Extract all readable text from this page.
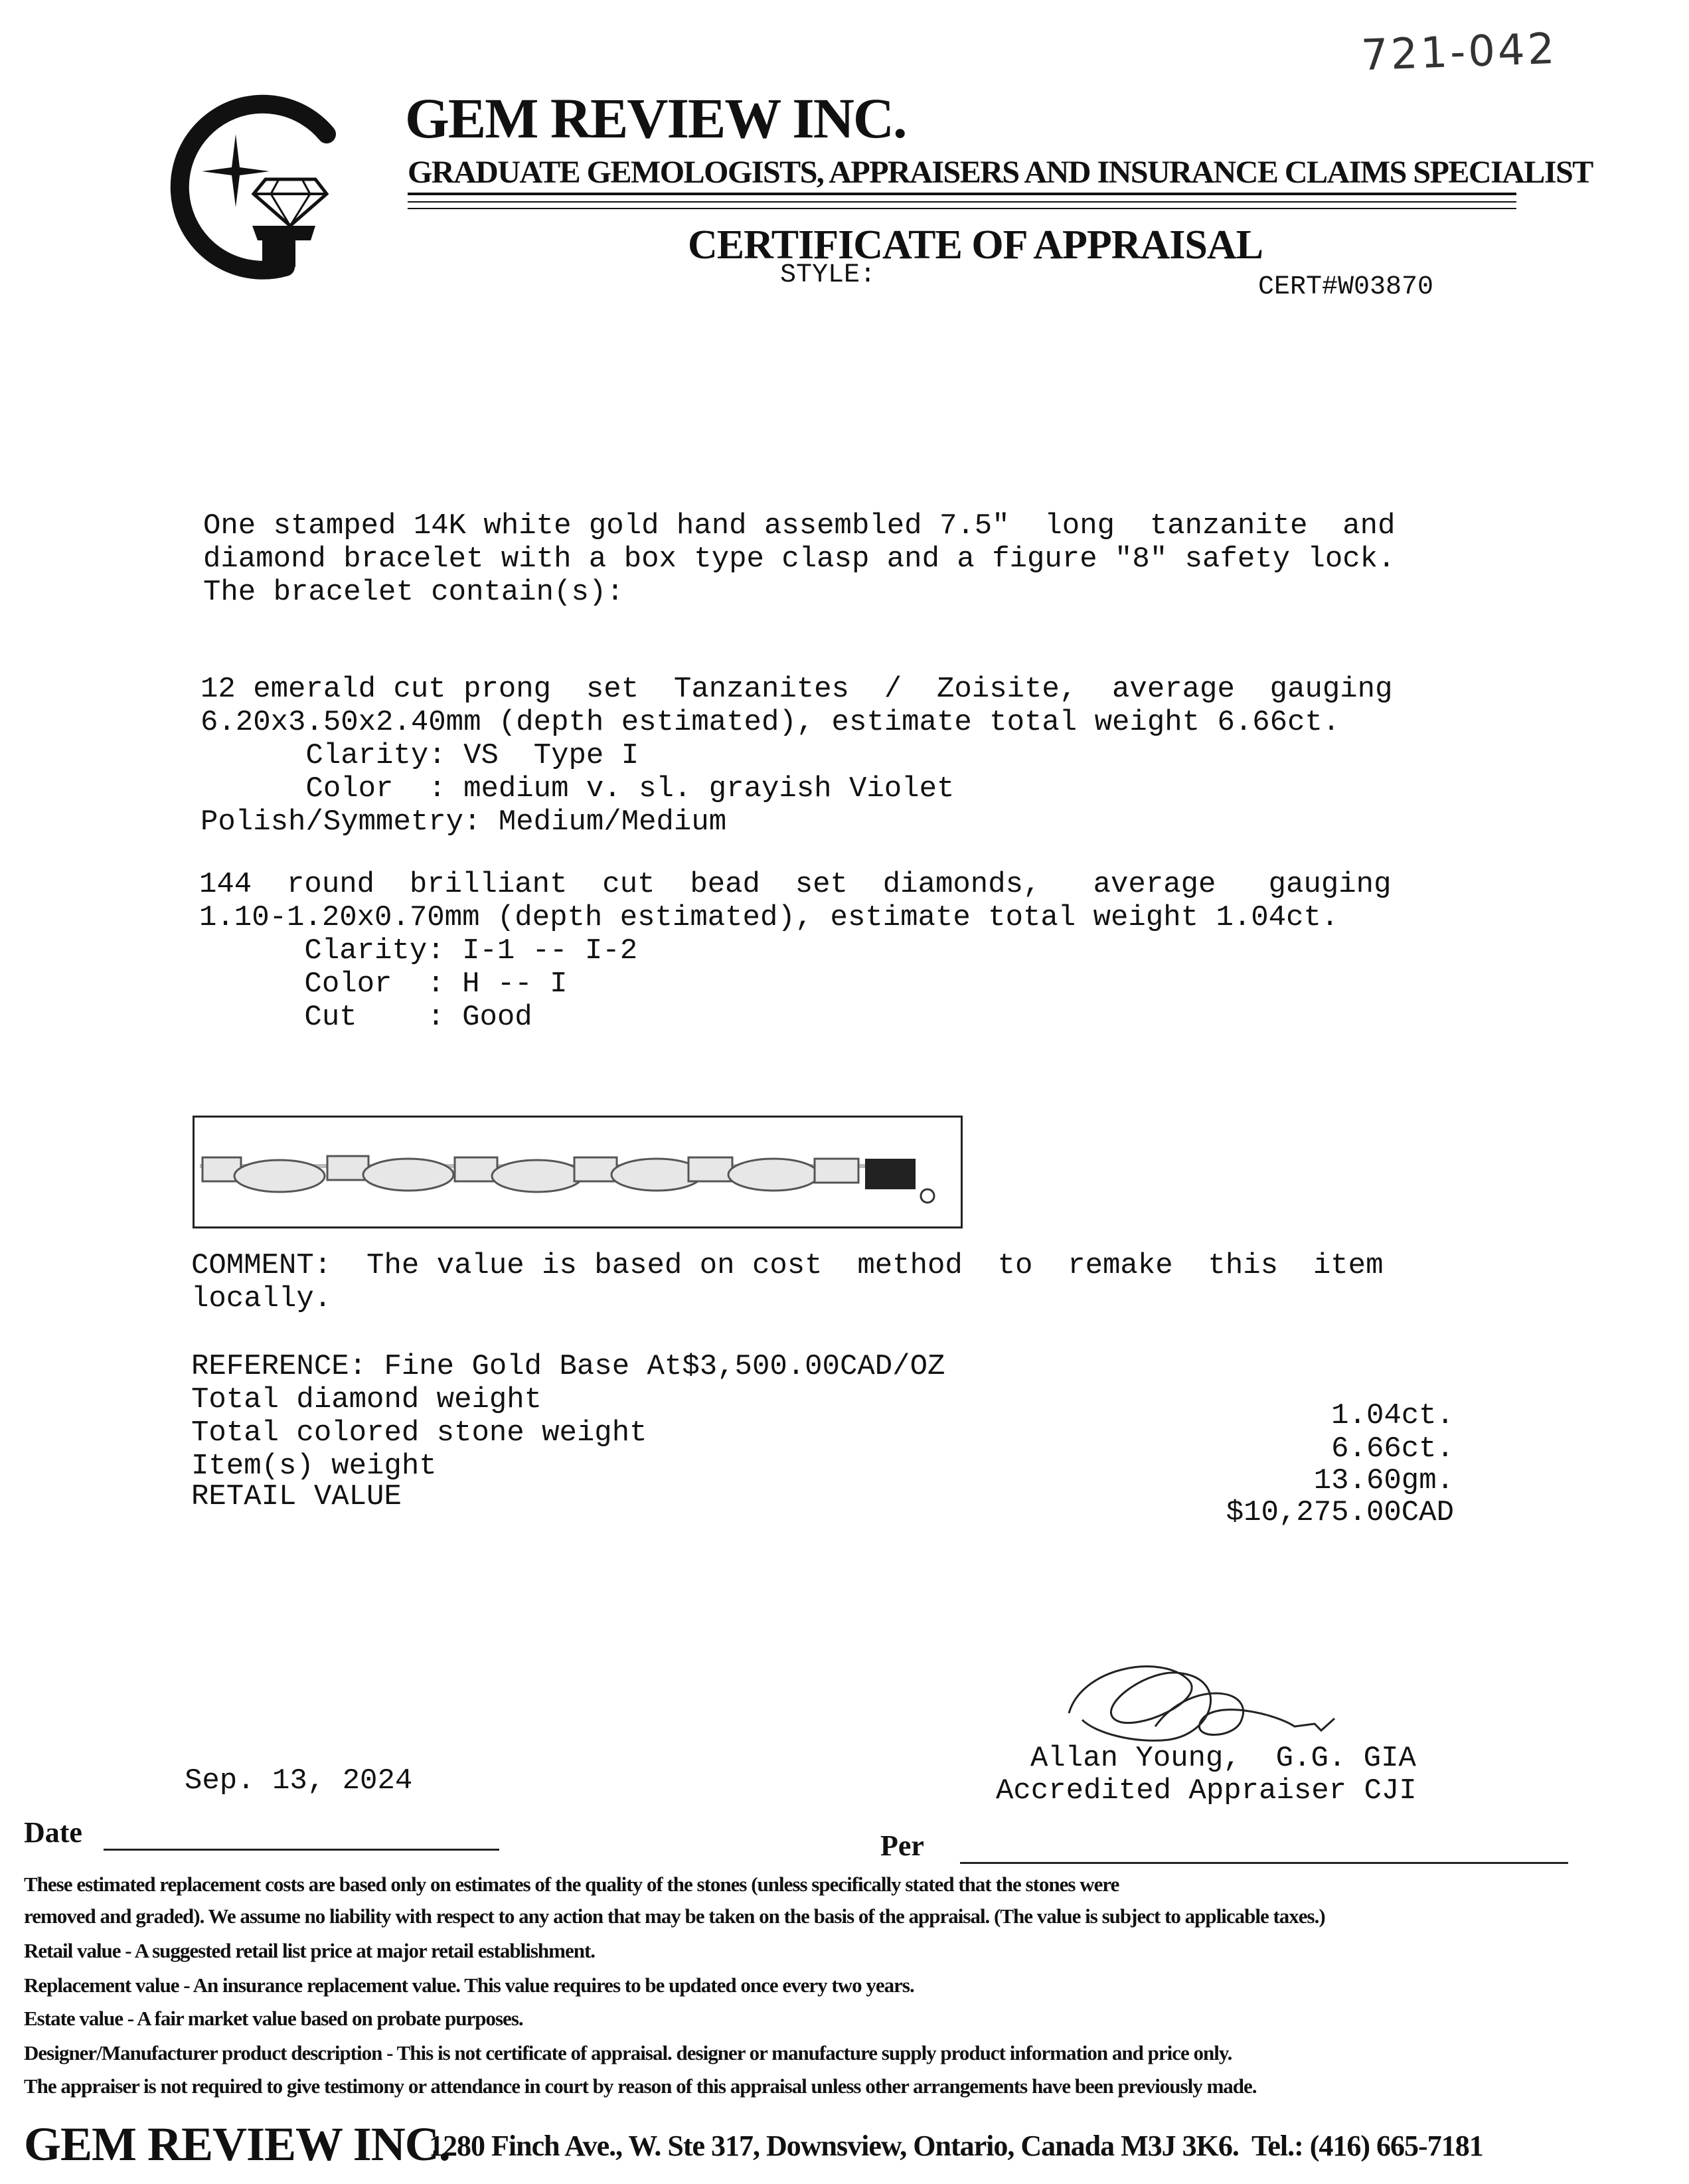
721-042
GEM REVIEW INC.
GRADUATE GEMOLOGISTS, APPRAISERS AND INSURANCE CLAIMS SPECIALIST
CERTIFICATE OF APPRAISAL
STYLE:	CERT#W03870
One stamped 14K white gold hand assembled 7.5"  long  tanzanite  and
diamond bracelet with a box type clasp and a figure "8" safety lock.
The bracelet contain(s):
12 emerald cut prong  set  Tanzanites  /  Zoisite,  average  gauging
6.20x3.50x2.40mm (depth estimated), estimate total weight 6.66ct.
Clarity: VS  Type I
Color  : medium v. sl. grayish Violet
Polish/Symmetry: Medium/Medium
144  round  brilliant  cut  bead  set  diamonds,   average   gauging
1.10-1.20x0.70mm (depth estimated), estimate total weight 1.04ct.
Clarity: I-1 -- I-2
Color  : H -- I
Cut    : Good
COMMENT:  The value is based on cost  method  to  remake  this  item
locally.
REFERENCE: Fine Gold Base At$3,500.00CAD/OZ
Total diamond weight
Total colored stone weight
Item(s) weight
RETAIL VALUE
1.04ct.
6.66ct.
13.60gm.
$10,275.00CAD
Sep. 13, 2024
Allan Young,  G.G. GIA
Accredited Appraiser CJI
Date	Per
These estimated replacement costs are based only on estimates of the quality of the stones (unless specifically stated that the stones were
removed and graded). We assume no liability with respect to any action that may be taken on the basis of the appraisal. (The value is subject to applicable taxes.)
Retail value - A suggested retail list price at major retail establishment.
Replacement value - An insurance replacement value. This value requires to be updated once every two years.
Estate value - A fair market value based on probate purposes.
Designer/Manufacturer product description - This is not certificate of appraisal. designer or manufacture supply product information and price only.
The appraiser is not required to give testimony or attendance in court by reason of this appraisal unless other arrangements have been previously made.
GEM REVIEW INC.
1280 Finch Ave., W. Ste 317, Downsview, Ontario, Canada M3J 3K6.  Tel.: (416) 665-7181
